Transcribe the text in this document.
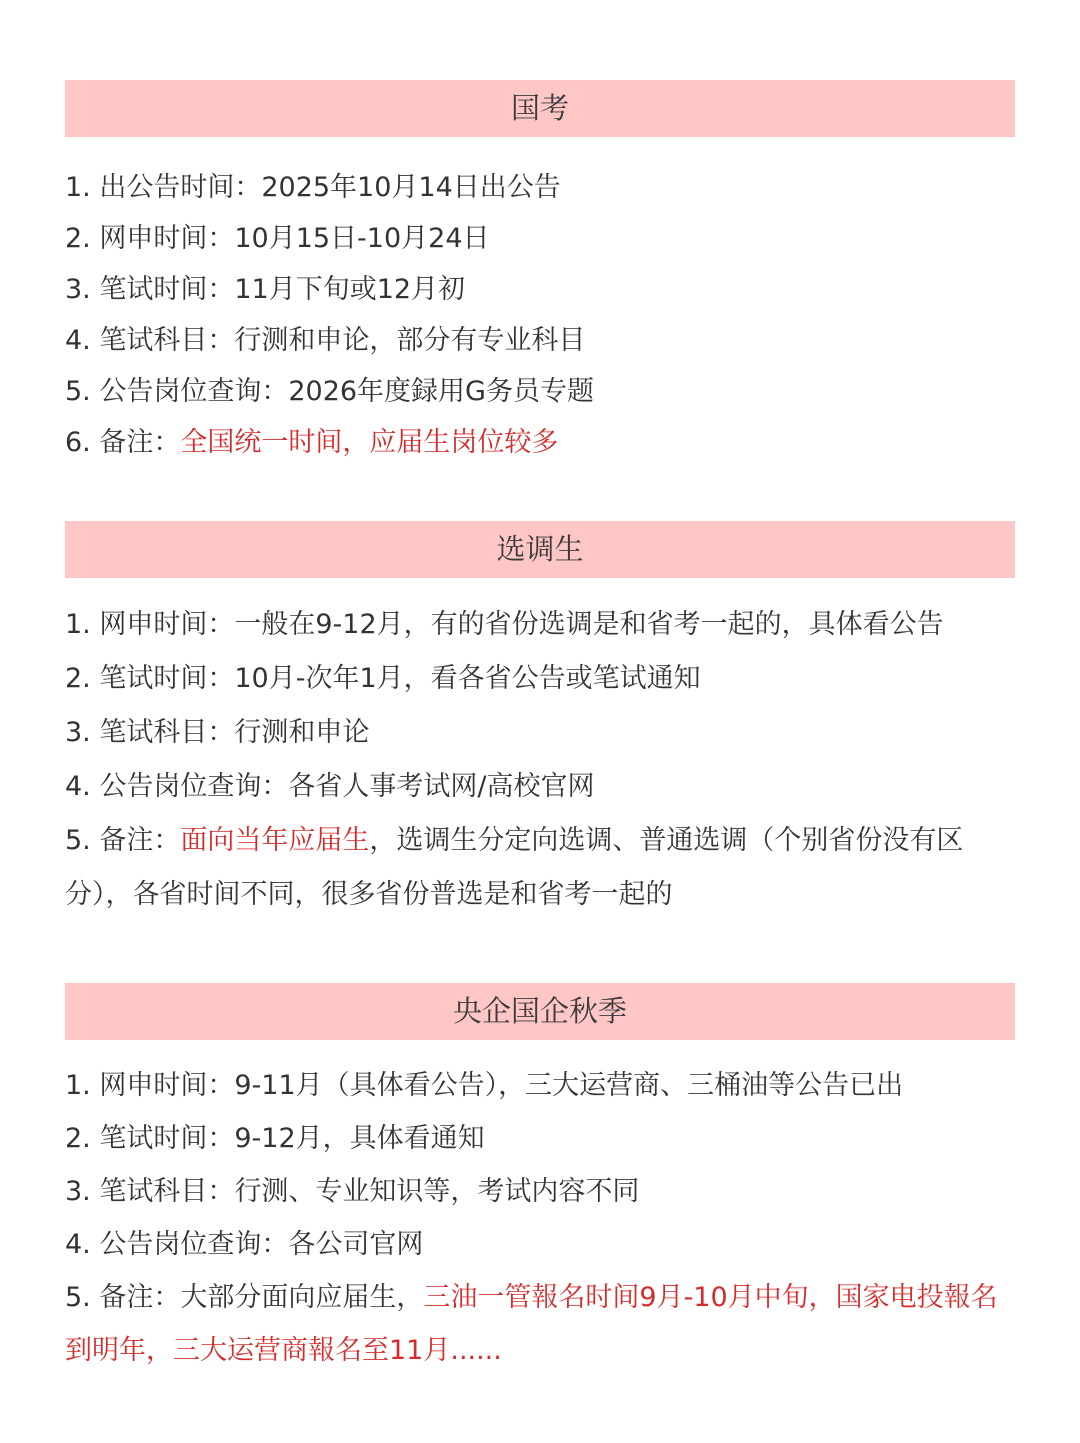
国考
1. 出公告时间：2025年10月14日出公告
2. 网申时间：10月15日-10月24日
3. 笔试时间：11月下旬或12月初
4. 笔试科目：行测和申论，部分有专业科目
5. 公告岗位查询：2026年度録用G务员专题
6. 备注：全国统一时间，应届生岗位较多
选调生
1. 网申时间：一般在9-12月，有的省份选调是和省考一起的，具体看公告
2. 笔试时间：10月-次年1月，看各省公告或笔试通知
3. 笔试科目：行测和申论
4. 公告岗位查询：各省人事考试网/高校官网
5. 备注：面向当年应届生，选调生分定向选调、普通选调（个别省份没有区分），各省时间不同，很多省份普选是和省考一起的
央企国企秋季
1. 网申时间：9-11月（具体看公告），三大运营商、三桶油等公告已出
2. 笔试时间：9-12月，具体看通知
3. 笔试科目：行测、专业知识等，考试内容不同
4. 公告岗位查询：各公司官网
5. 备注：大部分面向应届生，三油一管報名时间9月-10月中旬，国家电投報名到明年，三大运营商報名至11月......
